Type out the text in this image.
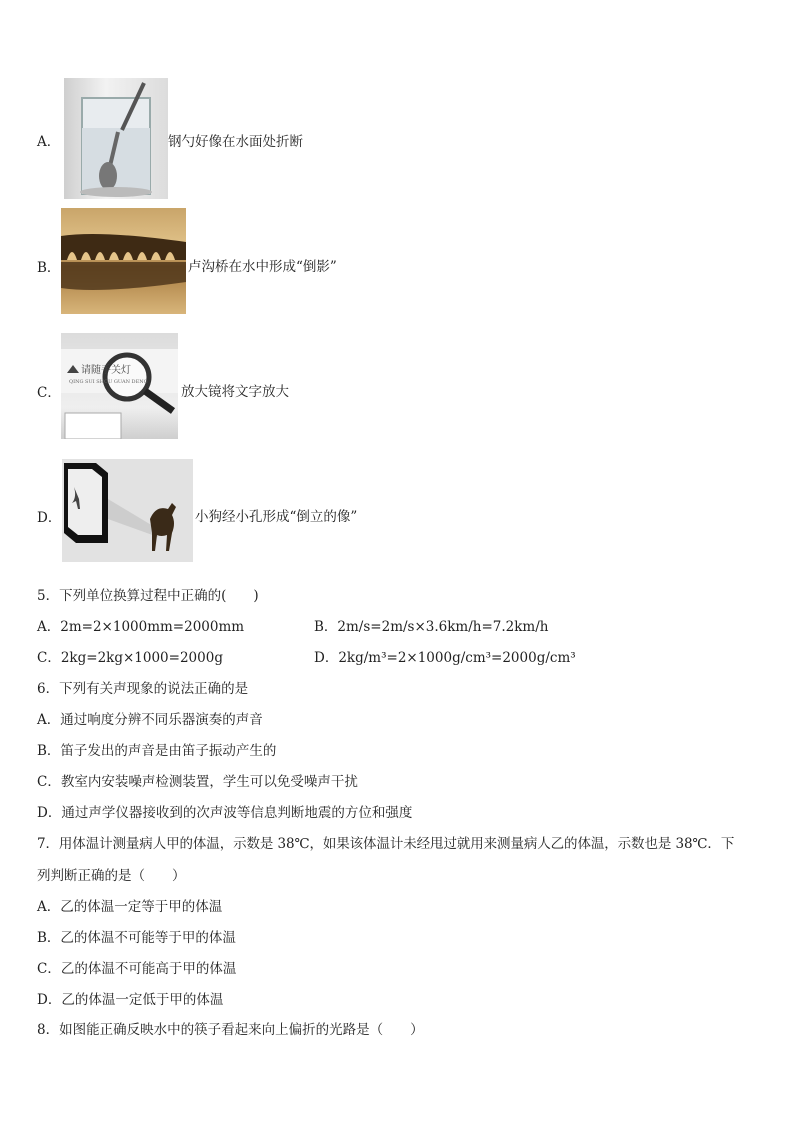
A．	钢勺好像在水面处折断
B．	卢沟桥在水中形成“倒影”
C．
请随手关灯
QING SUI SHOU GUAN DENG
放大镜将文字放大
D．	小狗经小孔形成“倒立的像”
5．下列单位换算过程中正确的(　　)
A．2m=2×1000mm=2000mm	B．2m/s=2m/s×3.6km/h=7.2km/h
C．2kg=2kg×1000=2000g	D．2kg/m³=2×1000g/cm³=2000g/cm³
6．下列有关声现象的说法正确的是
A．通过响度分辨不同乐器演奏的声音
B．笛子发出的声音是由笛子振动产生的
C．教室内安装噪声检测装置，学生可以免受噪声干扰
D．通过声学仪器接收到的次声波等信息判断地震的方位和强度
7．用体温计测量病人甲的体温，示数是 38℃，如果该体温计未经甩过就用来测量病人乙的体温，示数也是 38℃．下
列判断正确的是（　　）
A．乙的体温一定等于甲的体温
B．乙的体温不可能等于甲的体温
C．乙的体温不可能高于甲的体温
D．乙的体温一定低于甲的体温
8．如图能正确反映水中的筷子看起来向上偏折的光路是（　　）
